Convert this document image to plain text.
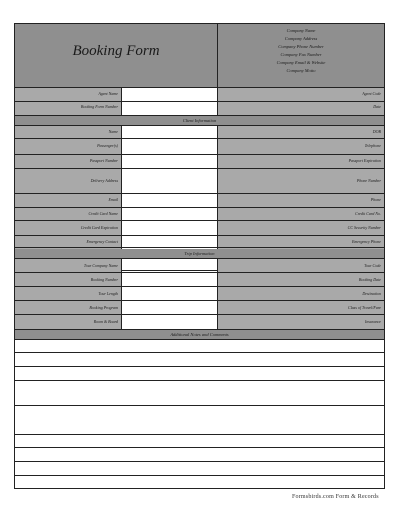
Booking Form
Company Name
Company Address
Company Phone Number
Company Fax Number
Company Email & Website
Company Motto
Agent Name
Booking Form Number
Agent Code
Date
Client Information
Name
Passenger(s)
Passport Number
Delivery Address
Email
Credit Card Name
Credit Card Expiration
Emergency Contact
DOB
Telephone
Passport Expiration
Phone Number
Phone
Credit Card No.
CC Security Number
Emergency Phone
Trip Information
Tour Company Name
Booking Number
Tour Length
Booking Program
Room & Board
Tour Code
Booking Date
Destination
Class of Travel/Fare
Insurance
Additional Notes and Comments
Formsbirds.com Form & Records
